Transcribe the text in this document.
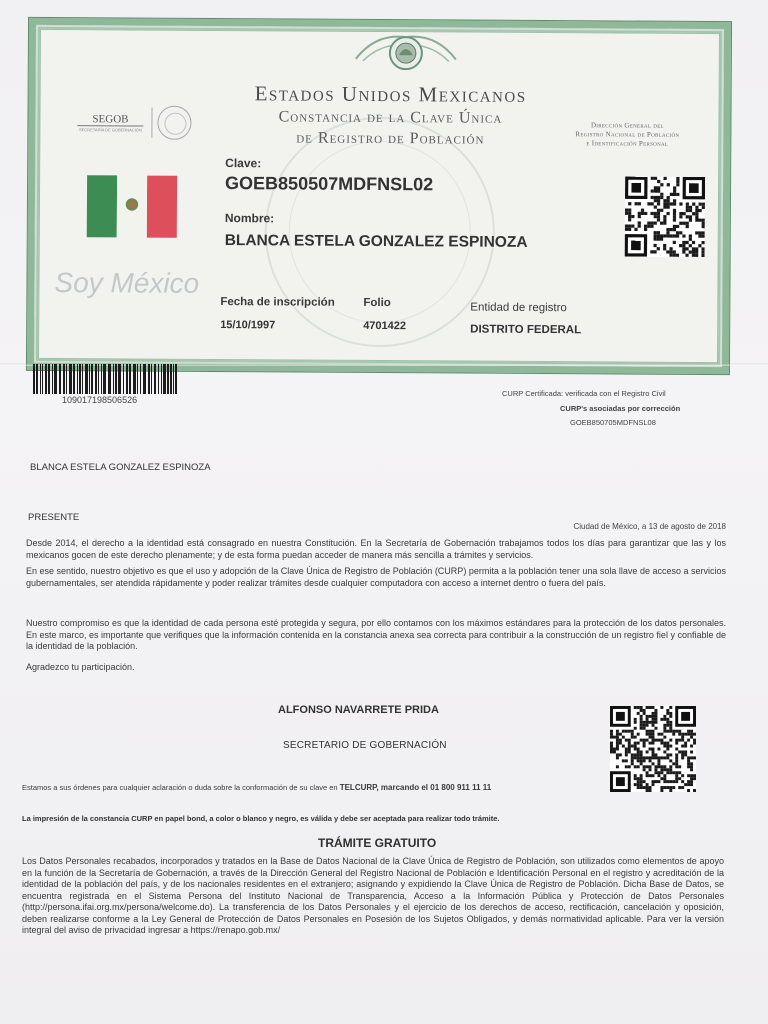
Estados Unidos Mexicanos
Constancia de la Clave Única
de Registro de Población
SEGOB
SECRETARÍA DE GOBERNACIÓN
Dirección General del
Registro Nacional de Población
e Identificación Personal
Soy México
Clave:
GOEB850507MDFNSL02
Nombre:
BLANCA ESTELA GONZALEZ ESPINOZA
Fecha de inscripción
15/10/1997
Folio
4701422
Entidad de registro
DISTRITO FEDERAL
109017198506526
CURP Certificada: verificada con el Registro Civil
CURP's asociadas por corrección
GOEB850705MDFNSL08
BLANCA ESTELA GONZALEZ ESPINOZA
PRESENTE
Ciudad de México, a 13 de agosto de 2018
Desde 2014, el derecho a la identidad está consagrado en nuestra Constitución. En la Secretaría de Gobernación trabajamos todos los días para garantizar que las y los mexicanos gocen de este derecho plenamente; y de esta forma puedan acceder de manera más sencilla a trámites y servicios.
En ese sentido, nuestro objetivo es que el uso y adopción de la Clave Única de Registro de Población (CURP) permita a la población tener una sola llave de acceso a servicios gubernamentales, ser atendida rápidamente y poder realizar trámites desde cualquier computadora con acceso a internet dentro o fuera del país.
Nuestro compromiso es que la identidad de cada persona esté protegida y segura, por ello contamos con los máximos estándares para la protección de los datos personales. En este marco, es importante que verifiques que la información contenida en la constancia anexa sea correcta para contribuir a la construcción de un registro fiel y confiable de la identidad de la población.
Agradezco tu participación.
ALFONSO NAVARRETE PRIDA
SECRETARIO DE GOBERNACIÓN
Estamos a sus órdenes para cualquier aclaración o duda sobre la conformación de su clave en TELCURP, marcando el 01 800 911 11 11
La impresión de la constancia CURP en papel bond, a color o blanco y negro, es válida y debe ser aceptada para realizar todo trámite.
TRÁMITE GRATUITO
Los Datos Personales recabados, incorporados y tratados en la Base de Datos Nacional de la Clave Única de Registro de Población, son utilizados como elementos de apoyo en la función de la Secretaría de Gobernación, a través de la Dirección General del Registro Nacional de Población e Identificación Personal en el registro y acreditación de la identidad de la población del país, y de los nacionales residentes en el extranjero; asignando y expidiendo la Clave Única de Registro de Población. Dicha Base de Datos, se encuentra registrada en el Sistema Persona del Instituto Nacional de Transparencia, Acceso a la Información Pública y Protección de Datos Personales (http://persona.ifai.org.mx/persona/welcome.do). La transferencia de los Datos Personales y el ejercicio de los derechos de acceso, rectificación, cancelación y oposición, deben realizarse conforme a la Ley General de Protección de Datos Personales en Posesión de los Sujetos Obligados, y demás normatividad aplicable. Para ver la versión integral del aviso de privacidad ingresar a https://renapo.gob.mx/
